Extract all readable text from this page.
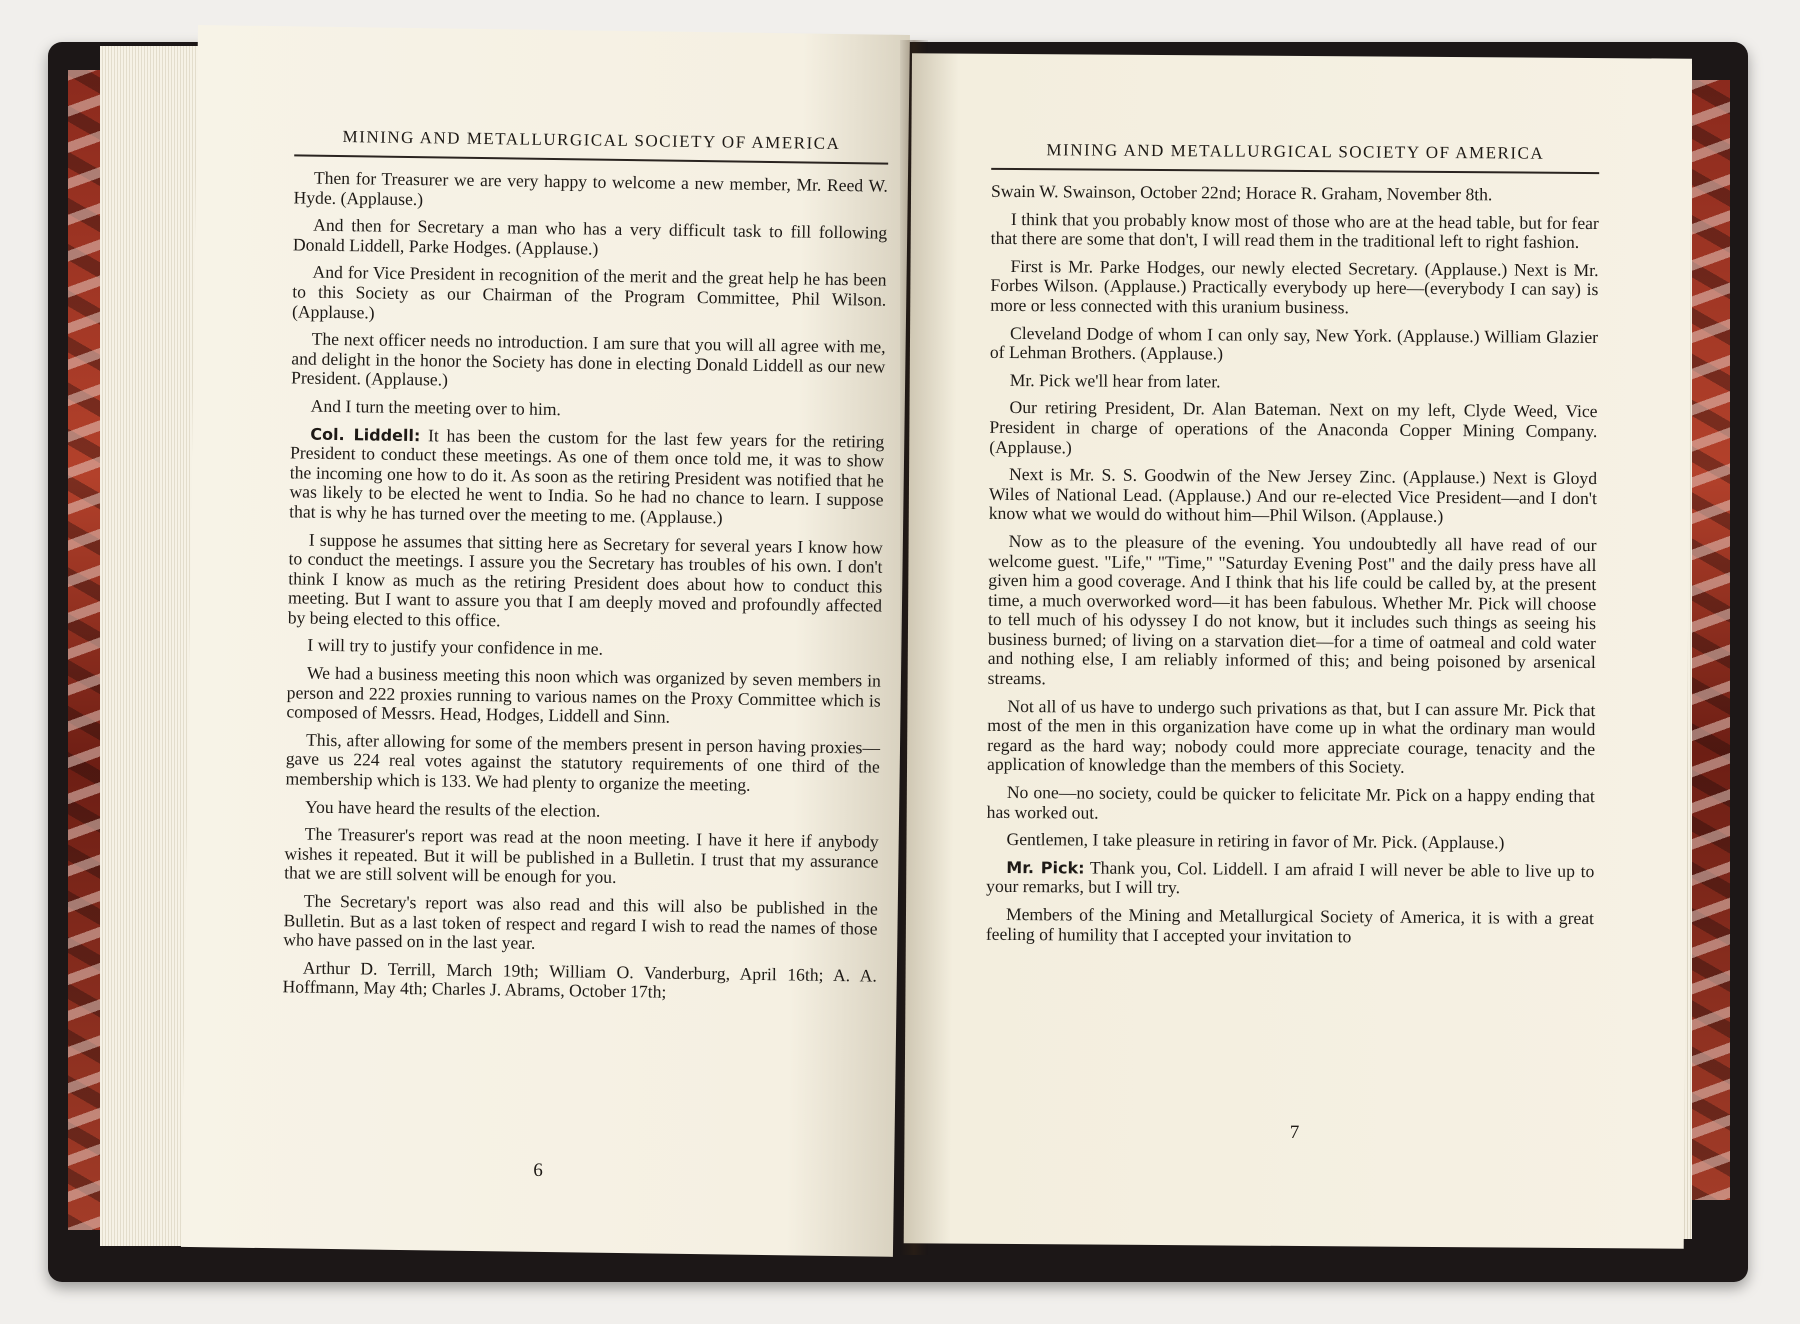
MINING AND METALLURGICAL SOCIETY OF AMERICA

Then for Treasurer we are very happy to welcome a new member, Mr. Reed W. Hyde. (Applause.)

And then for Secretary a man who has a very difficult task to fill following Donald Liddell, Parke Hodges. (Applause.)

And for Vice President in recognition of the merit and the great help he has been to this Society as our Chairman of the Program Committee, Phil Wilson. (Applause.)

The next officer needs no introduction. I am sure that you will all agree with me, and delight in the honor the Society has done in electing Donald Liddell as our new President. (Applause.)

And I turn the meeting over to him.

Col. Liddell: It has been the custom for the last few years for the retiring President to conduct these meetings. As one of them once told me, it was to show the incoming one how to do it. As soon as the retiring President was notified that he was likely to be elected he went to India. So he had no chance to learn. I suppose that is why he has turned over the meeting to me. (Applause.)

I suppose he assumes that sitting here as Secretary for several years I know how to conduct the meetings. I assure you the Secretary has troubles of his own. I don't think I know as much as the retiring President does about how to conduct this meeting. But I want to assure you that I am deeply moved and profoundly affected by being elected to this office.

I will try to justify your confidence in me.

We had a business meeting this noon which was organized by seven members in person and 222 proxies running to various names on the Proxy Committee which is composed of Messrs. Head, Hodges, Liddell and Sinn.

This, after allowing for some of the members present in person having proxies—gave us 224 real votes against the statutory requirements of one third of the membership which is 133. We had plenty to organize the meeting.

You have heard the results of the election.

The Treasurer's report was read at the noon meeting. I have it here if anybody wishes it repeated. But it will be published in a Bulletin. I trust that my assurance that we are still solvent will be enough for you.

The Secretary's report was also read and this will also be published in the Bulletin. But as a last token of respect and regard I wish to read the names of those who have passed on in the last year.

Arthur D. Terrill, March 19th; William O. Vanderburg, April 16th; A. A. Hoffmann, May 4th; Charles J. Abrams, October 17th;

6
MINING AND METALLURGICAL SOCIETY OF AMERICA

Swain W. Swainson, October 22nd; Horace R. Graham, November 8th.

I think that you probably know most of those who are at the head table, but for fear that there are some that don't, I will read them in the traditional left to right fashion.

First is Mr. Parke Hodges, our newly elected Secretary. (Applause.) Next is Mr. Forbes Wilson. (Applause.) Practically everybody up here—(everybody I can say) is more or less connected with this uranium business.

Cleveland Dodge of whom I can only say, New York. (Applause.) William Glazier of Lehman Brothers. (Applause.)

Mr. Pick we'll hear from later.

Our retiring President, Dr. Alan Bateman. Next on my left, Clyde Weed, Vice President in charge of operations of the Anaconda Copper Mining Company. (Applause.)

Next is Mr. S. S. Goodwin of the New Jersey Zinc. (Applause.) Next is Gloyd Wiles of National Lead. (Applause.) And our re-elected Vice President—and I don't know what we would do without him—Phil Wilson. (Applause.)

Now as to the pleasure of the evening. You undoubtedly all have read of our welcome guest. "Life," "Time," "Saturday Evening Post" and the daily press have all given him a good coverage. And I think that his life could be called by, at the present time, a much overworked word—it has been fabulous. Whether Mr. Pick will choose to tell much of his odyssey I do not know, but it includes such things as seeing his business burned; of living on a starvation diet—for a time of oatmeal and cold water and nothing else, I am reliably informed of this; and being poisoned by arsenical streams.

Not all of us have to undergo such privations as that, but I can assure Mr. Pick that most of the men in this organization have come up in what the ordinary man would regard as the hard way; nobody could more appreciate courage, tenacity and the application of knowledge than the members of this Society.

No one—no society, could be quicker to felicitate Mr. Pick on a happy ending that has worked out.

Gentlemen, I take pleasure in retiring in favor of Mr. Pick. (Applause.)

Mr. Pick: Thank you, Col. Liddell. I am afraid I will never be able to live up to your remarks, but I will try.

Members of the Mining and Metallurgical Society of America, it is with a great feeling of humility that I accepted your invitation to

7
